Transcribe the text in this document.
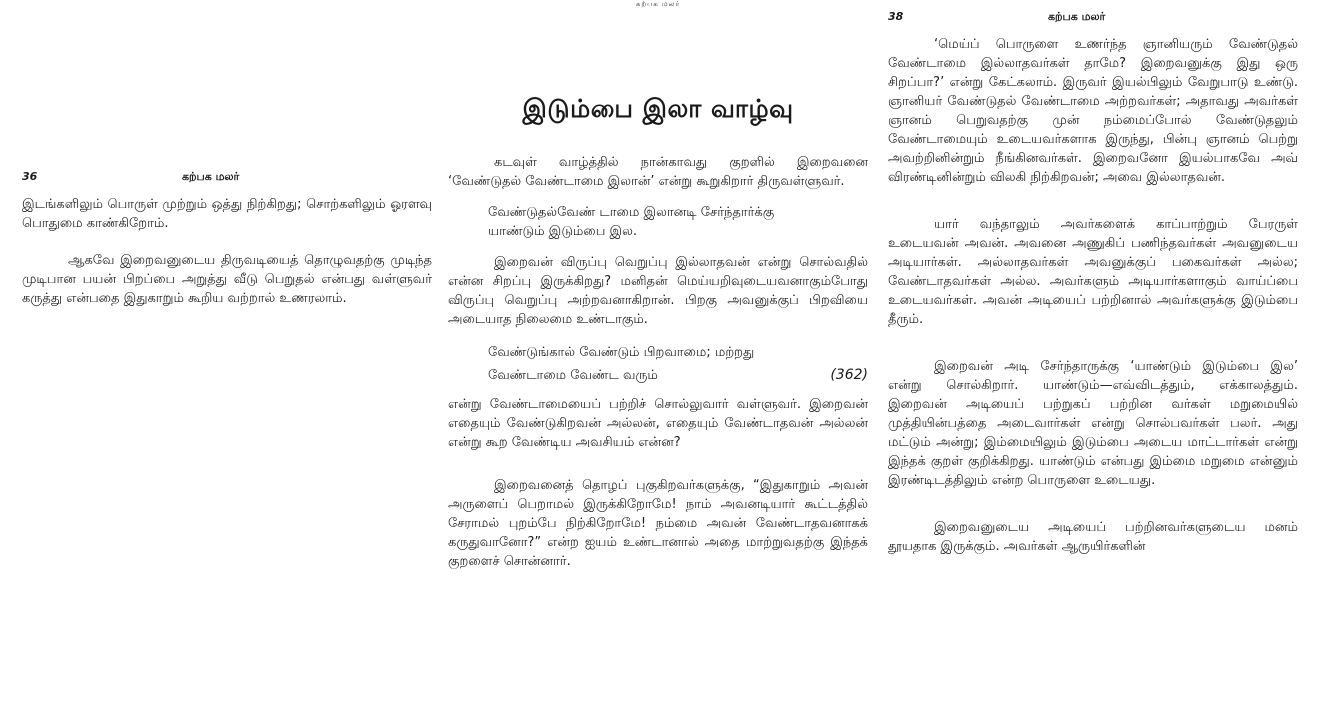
36	கற்பக மலர்

இடங்களிலும் பொருள் முற்றும் ஒத்து நிற்கிறது; சொற்களிலும் ஓரளவு பொதுமை காண்கிறோம்.

ஆகவே இறைவனுடைய திருவடியைத் தொழுவதற்கு முடிந்த முடிபான பயன் பிறப்பை அறுத்து வீடு பெறுதல் என்பது வள்ளுவர் கருத்து என்பதை இதுகாறும் கூறிய வற்றால் உணரலாம்.

கற்பக மலர்
இடும்பை இலா வாழ்வு

கடவுள் வாழ்த்தில் நான்காவது குறளில் இறைவனை ‘வேண்டுதல் வேண்டாமை இலான்’ என்று கூறுகிறார் திருவள்ளுவர்.

வேண்டுதல்வேண் டாமை இலானடி சேர்ந்தார்க்கு
யாண்டும் இடும்பை இல.

இறைவன் விருப்பு வெறுப்பு இல்லாதவன் என்று சொல்வதில் என்ன சிறப்பு இருக்கிறது? மனிதன் மெய்யறிவுடையவனாகும்போது விருப்பு வெறுப்பு அற்றவனாகிறான். பிறகு அவனுக்குப் பிறவியை அடையாத நிலைமை உண்டாகும்.

வேண்டுங்கால் வேண்டும் பிறவாமை; மற்றது
வேண்டாமை வேண்ட வரும்	(362)

என்று வேண்டாமையைப் பற்றிச் சொல்லுவார் வள்ளுவர். இறைவன் எதையும் வேண்டுகிறவன் அல்லன், எதையும் வேண்டாதவன் அல்லன் என்று கூற வேண்டிய அவசியம் என்ன?

இறைவனைத் தொழப் புகுகிறவர்களுக்கு, “இதுகாறும் அவன் அருளைப் பெறாமல் இருக்கிறோமே! நாம் அவனடியார் கூட்டத்தில் சேராமல் புறம்பே நிற்கிறோமே! நம்மை அவன் வேண்டாதவனாகக் கருதுவானோ?” என்ற ஐயம் உண்டானால் அதை மாற்றுவதற்கு இந்தக் குறளைச் சொன்னார்.

38	கற்பக மலர்

‘மெய்ப் பொருளை உணர்ந்த ஞானியரும் வேண்டுதல் வேண்டாமை இல்லாதவர்கள் தாமே? இறைவனுக்கு இது ஒரு சிறப்பா?’ என்று கேட்கலாம். இருவர் இயல்பிலும் வேறுபாடு உண்டு. ஞானியர் வேண்டுதல் வேண்டாமை அற்றவர்கள்; அதாவது அவர்கள் ஞானம் பெறுவதற்கு முன் நம்மைப்போல் வேண்டுதலும் வேண்டாமையும் உடையவர்களாக இருந்து, பின்பு ஞானம் பெற்று அவற்றினின்றும் நீங்கினவர்கள். இறைவனோ இயல்பாகவே அவ் விரண்டினின்றும் விலகி நிற்கிறவன்; அவை இல்லாதவன்.

யார் வந்தாலும் அவர்களைக் காப்பாற்றும் பேரருள் உடையவன் அவன். அவனை அணுகிப் பணிந்தவர்கள் அவனுடைய அடியார்கள். அல்லாதவர்கள் அவனுக்குப் பகைவர்கள் அல்ல; வேண்டாதவர்கள் அல்ல. அவர்களும் அடியார்களாகும் வாய்ப்பை உடையவர்கள். அவன் அடியைப் பற்றினால் அவர்களுக்கு இடும்பை தீரும்.

இறைவன் அடி சேர்ந்தாருக்கு ‘யாண்டும் இடும்பை இல’ என்று சொல்கிறார். யாண்டும்—எவ்விடத்தும், எக்காலத்தும். இறைவன் அடியைப் பற்றுகப் பற்றின வர்கள் மறுமையில் முத்தியின்பத்தை அடைவார்கள் என்று சொல்பவர்கள் பலர். அது மட்டும் அன்று; இம்மையிலும் இடும்பை அடைய மாட்டார்கள் என்று இந்தக் குறள் குறிக்கிறது. யாண்டும் என்பது இம்மை மறுமை என்னும் இரண்டிடத்திலும் என்ற பொருளை உடையது.

இறைவனுடைய அடியைப் பற்றினவர்களுடைய மனம் தூயதாக இருக்கும். அவர்கள் ஆருயிர்களின்
